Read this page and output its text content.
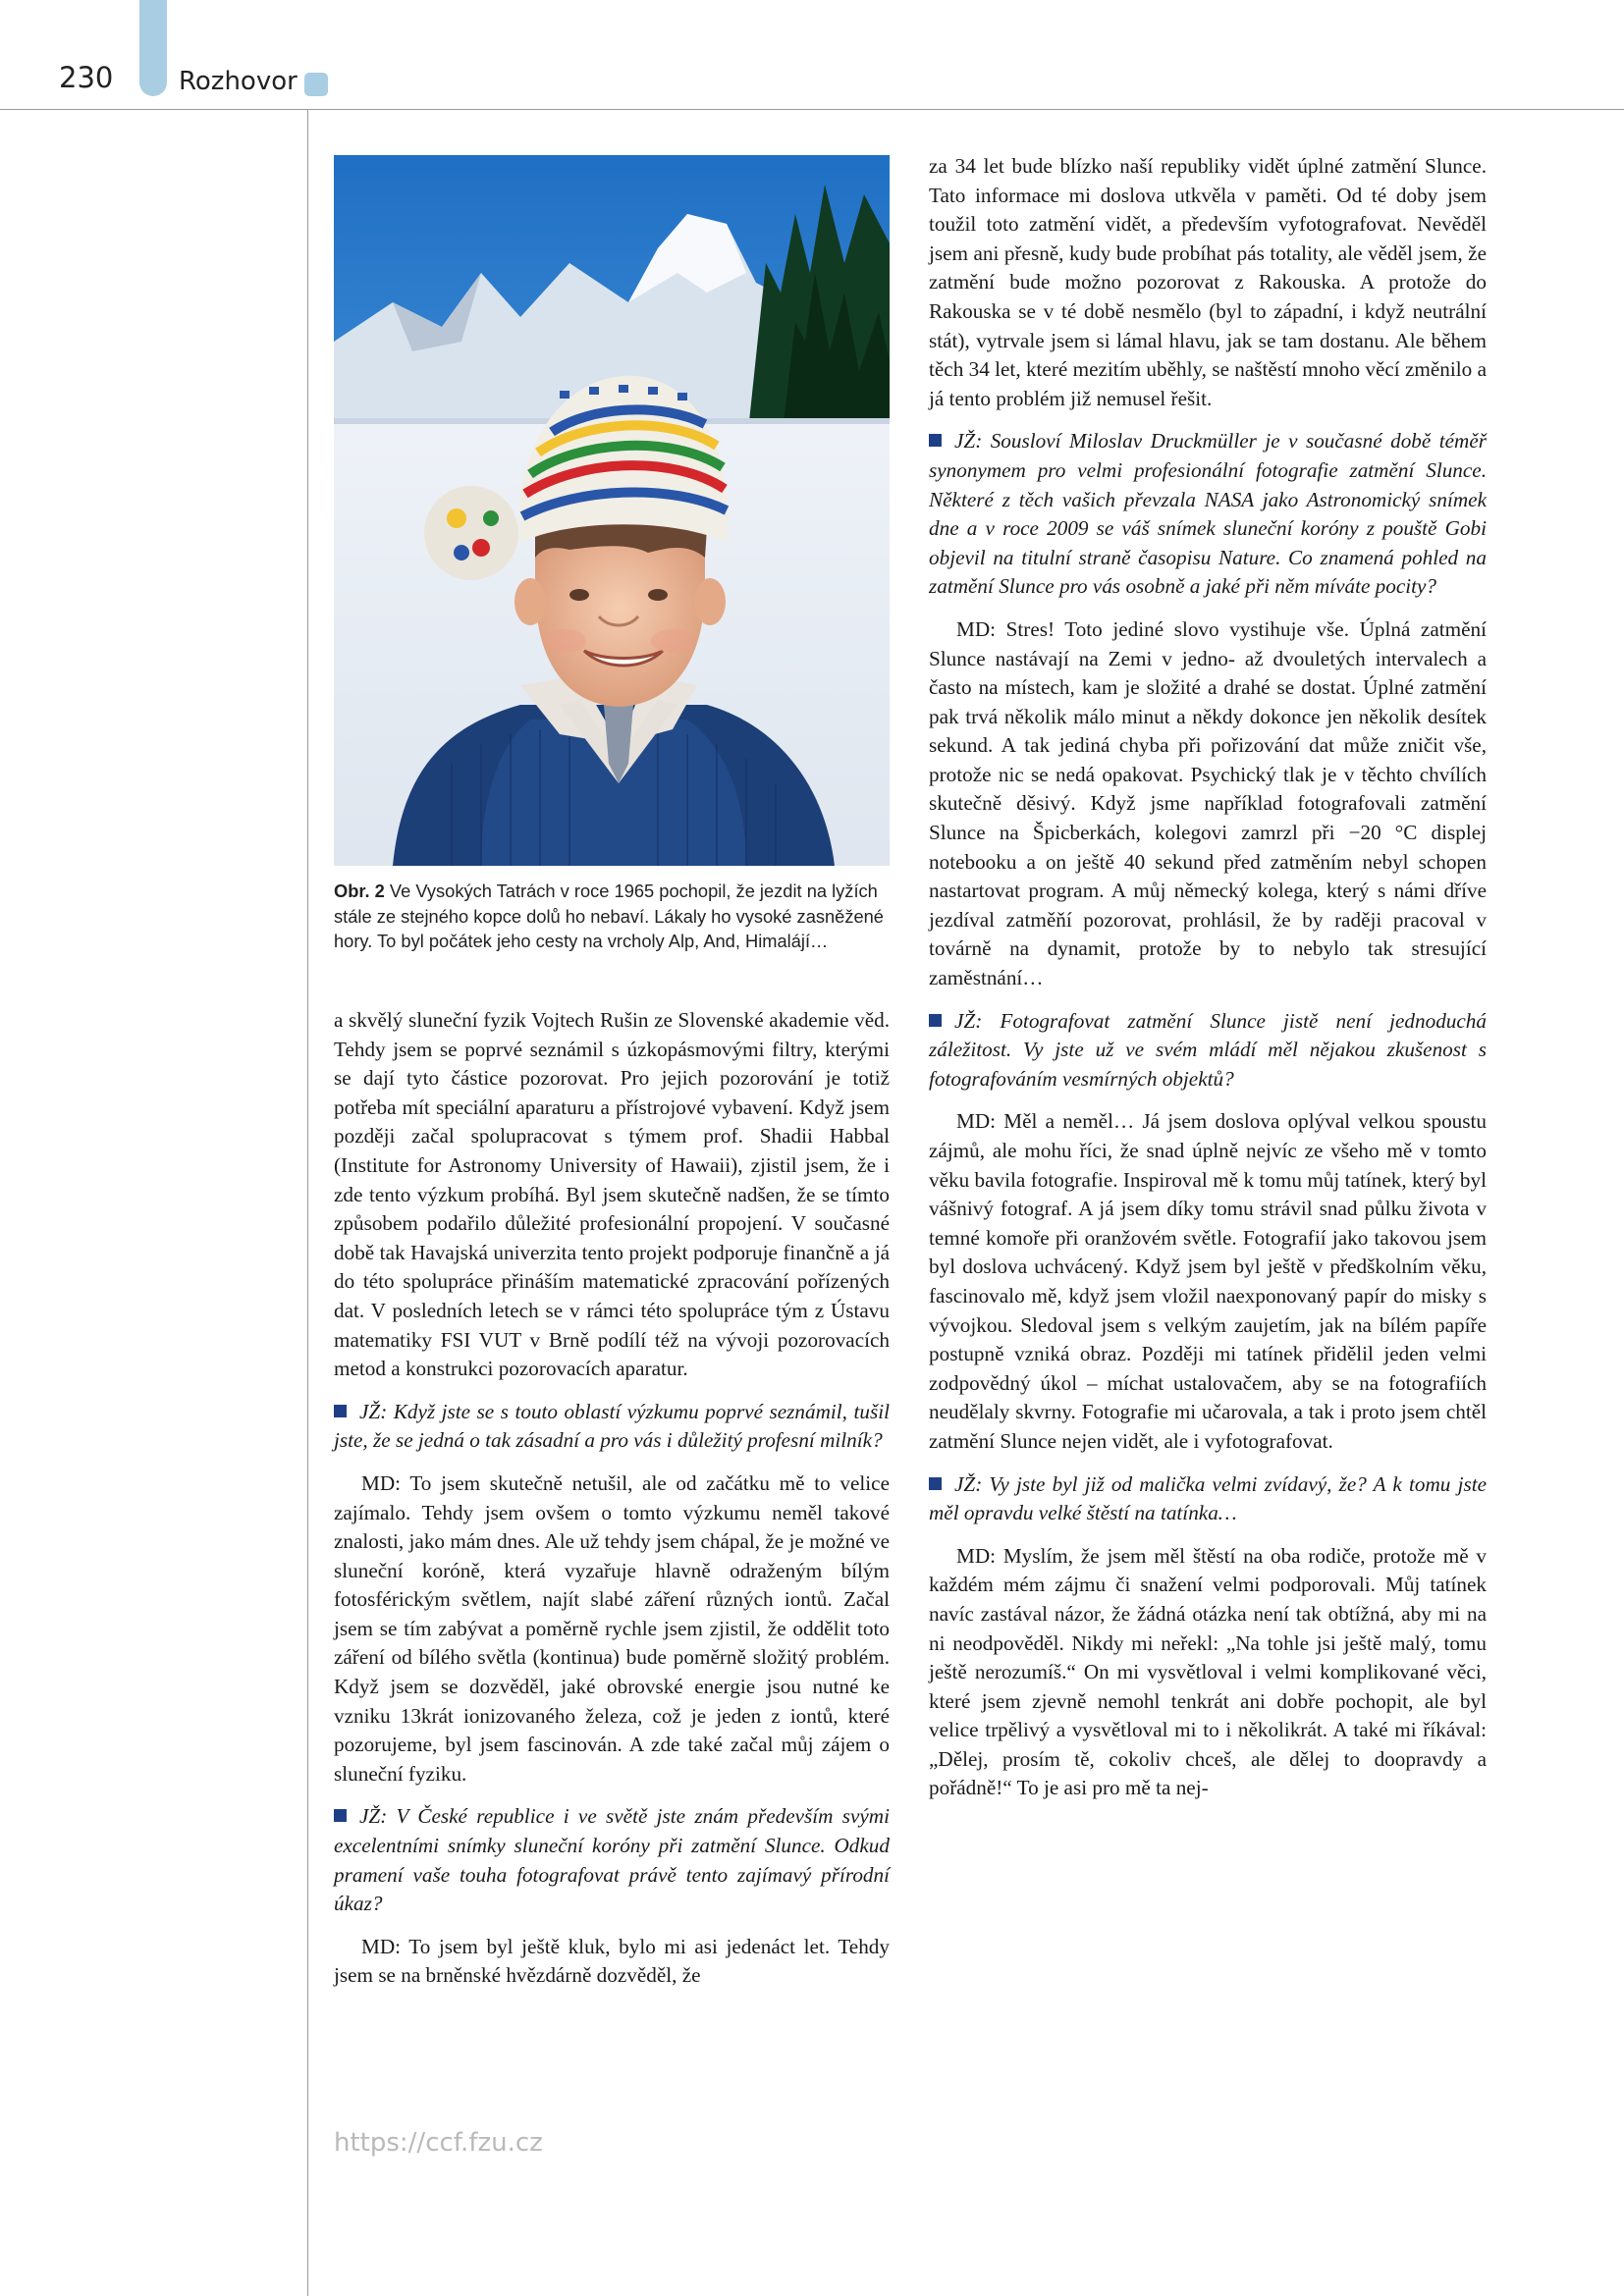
230	Rozhovor
Obr. 2 Ve Vysokých Tatrách v roce 1965 pochopil, že jezdit na lyžích stále ze stejného kopce dolů ho nebaví. Lákaly ho vysoké zasněžené hory. To byl počátek jeho cesty na vrcholy Alp, And, Himalájí…

a skvělý sluneční fyzik Vojtech Rušin ze Slovenské akademie věd. Tehdy jsem se poprvé seznámil s úzkopásmovými filtry, kterými se dají tyto částice pozorovat. Pro jejich pozorování je totiž potřeba mít speciální aparaturu a přístrojové vybavení. Když jsem později začal spolupracovat s týmem prof. Shadii Habbal (Institute for Astronomy University of Hawaii), zjistil jsem, že i zde tento výzkum probíhá. Byl jsem skutečně nadšen, že se tímto způsobem podařilo důležité profesionální propojení. V současné době tak Havajská univerzita tento projekt podporuje finančně a já do této spolupráce přináším matematické zpracování pořízených dat. V posledních letech se v rámci této spolupráce tým z Ústavu matematiky FSI VUT v Brně podílí též na vývoji pozorovacích metod a konstrukci pozorovacích aparatur.

JŽ: Když jste se s touto oblastí výzkumu poprvé seznámil, tušil jste, že se jedná o tak zásadní a pro vás i důležitý profesní milník?

MD: To jsem skutečně netušil, ale od začátku mě to velice zajímalo. Tehdy jsem ovšem o tomto výzkumu neměl takové znalosti, jako mám dnes. Ale už tehdy jsem chápal, že je možné ve sluneční koróně, která vyzařuje hlavně odraženým bílým fotosférickým světlem, najít slabé záření různých iontů. Začal jsem se tím zabývat a poměrně rychle jsem zjistil, že oddělit toto záření od bílého světla (kontinua) bude poměrně složitý problém. Když jsem se dozvěděl, jaké obrovské energie jsou nutné ke vzniku 13krát ionizovaného železa, což je jeden z iontů, které pozorujeme, byl jsem fascinován. A zde také začal můj zájem o sluneční fyziku.

JŽ: V České republice i ve světě jste znám především svými excelentními snímky sluneční koróny při zatmění Slunce. Odkud pramení vaše touha fotografovat právě tento zajímavý přírodní úkaz?

MD: To jsem byl ještě kluk, bylo mi asi jedenáct let. Tehdy jsem se na brněnské hvězdárně dozvěděl, že

za 34 let bude blízko naší republiky vidět úplné zatmění Slunce. Tato informace mi doslova utkvěla v paměti. Od té doby jsem toužil toto zatmění vidět, a především vyfotografovat. Nevěděl jsem ani přesně, kudy bude probíhat pás totality, ale věděl jsem, že zatmění bude možno pozorovat z Rakouska. A protože do Rakouska se v té době nesmělo (byl to západní, i když neutrální stát), vytrvale jsem si lámal hlavu, jak se tam dostanu. Ale během těch 34 let, které mezitím uběhly, se naštěstí mnoho věcí změnilo a já tento problém již nemusel řešit.

JŽ: Sousloví Miloslav Druckmüller je v současné době téměř synonymem pro velmi profesionální fotografie zatmění Slunce. Některé z těch vašich převzala NASA jako Astronomický snímek dne a v roce 2009 se váš snímek sluneční koróny z pouště Gobi objevil na titulní straně časopisu Nature. Co znamená pohled na zatmění Slunce pro vás osobně a jaké při něm míváte pocity?

MD: Stres! Toto jediné slovo vystihuje vše. Úplná zatmění Slunce nastávají na Zemi v jedno- až dvouletých intervalech a často na místech, kam je složité a drahé se dostat. Úplné zatmění pak trvá několik málo minut a někdy dokonce jen několik desítek sekund. A tak jediná chyba při pořizování dat může zničit vše, protože nic se nedá opakovat. Psychický tlak je v těchto chvílích skutečně děsivý. Když jsme například fotografovali zatmění Slunce na Špicberkách, kolegovi zamrzl při −20 °C displej notebooku a on ještě 40 sekund před zatměním nebyl schopen nastartovat program. A můj německý kolega, který s námi dříve jezdíval zatměňí pozorovat, prohlásil, že by raději pracoval v továrně na dynamit, protože by to nebylo tak stresující zaměstnání…

JŽ: Fotografovat zatmění Slunce jistě není jednoduchá záležitost. Vy jste už ve svém mládí měl nějakou zkušenost s fotografováním vesmírných objektů?

MD: Měl a neměl… Já jsem doslova oplýval velkou spoustu zájmů, ale mohu říci, že snad úplně nejvíc ze všeho mě v tomto věku bavila fotografie. Inspiroval mě k tomu můj tatínek, který byl vášnivý fotograf. A já jsem díky tomu strávil snad půlku života v temné komoře při oranžovém světle. Fotografií jako takovou jsem byl doslova uchvácený. Když jsem byl ještě v předškolním věku, fascinovalo mě, když jsem vložil naexponovaný papír do misky s vývojkou. Sledoval jsem s velkým zaujetím, jak na bílém papíře postupně vzniká obraz. Později mi tatínek přidělil jeden velmi zodpovědný úkol – míchat ustalovačem, aby se na fotografiích neudělaly skvrny. Fotografie mi učarovala, a tak i proto jsem chtěl zatmění Slunce nejen vidět, ale i vyfotografovat.

JŽ: Vy jste byl již od malička velmi zvídavý, že? A k tomu jste měl opravdu velké štěstí na tatínka…

MD: Myslím, že jsem měl štěstí na oba rodiče, protože mě v každém mém zájmu či snažení velmi podporovali. Můj tatínek navíc zastával názor, že žádná otázka není tak obtížná, aby mi na ni neodpověděl. Nikdy mi neřekl: „Na tohle jsi ještě malý, tomu ještě nerozumíš.“ On mi vysvětloval i velmi komplikované věci, které jsem zjevně nemohl tenkrát ani dobře pochopit, ale byl velice trpělivý a vysvětloval mi to i několikrát. A také mi říkával: „Dělej, prosím tě, cokoliv chceš, ale dělej to doopravdy a pořádně!“ To je asi pro mě ta nej-

https://ccf.fzu.cz
